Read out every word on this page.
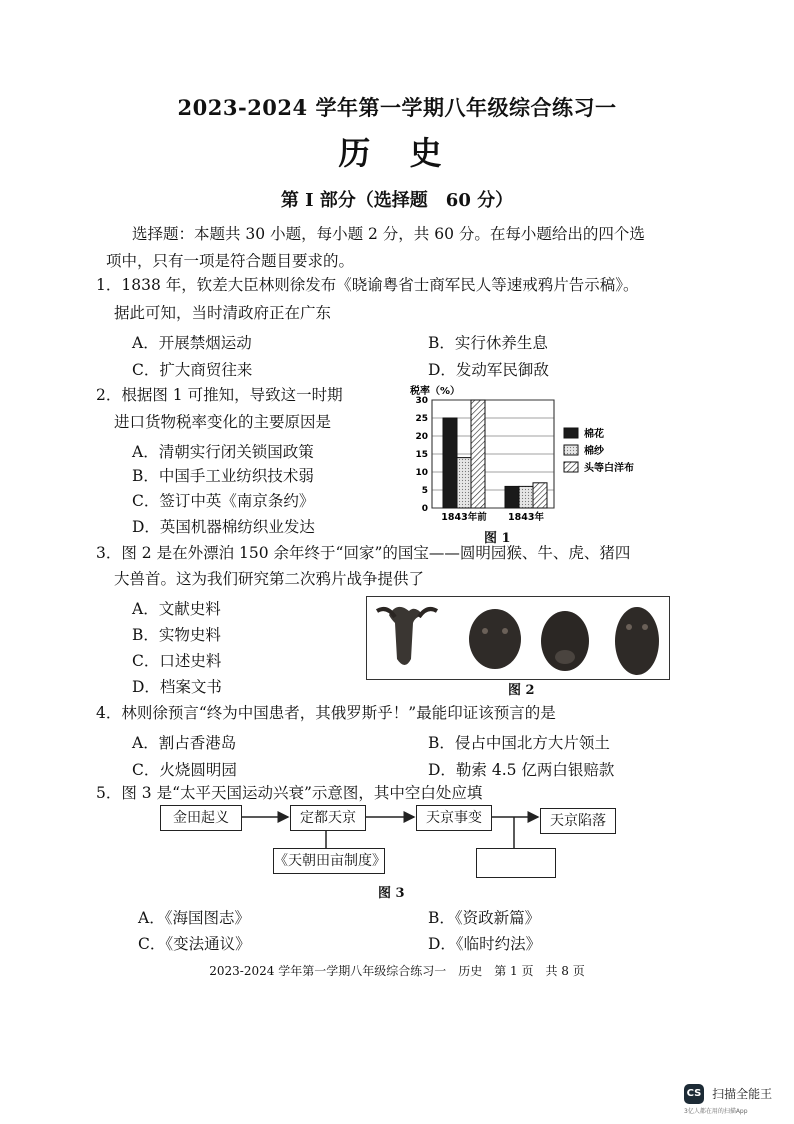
2023-2024 学年第一学期八年级综合练习一
历 史
第 I 部分（选择题　60 分）
选择题：本题共 30 小题，每小题 2 分，共 60 分。在每小题给出的四个选
项中，只有一项是符合题目要求的。
1．1838 年，钦差大臣林则徐发布《晓谕粤省士商军民人等速戒鸦片告示稿》。
据此可知，当时清政府正在广东
A．开展禁烟运动	B．实行休养生息
C．扩大商贸往来	D．发动军民御敌
2．根据图 1 可推知，导致这一时期
进口货物税率变化的主要原因是
A．清朝实行闭关锁国政策
B．中国手工业纺织技术弱
C．签订中英《南京条约》
D．英国机器棉纺织业发达
0
5
10
15
20
25
30
税率（%）
1843年前 1843年
棉花
棉纱
头等白洋布
图 1
3．图 2 是在外漂泊 150 余年终于“回家”的国宝——圆明园猴、牛、虎、猪四
大兽首。这为我们研究第二次鸦片战争提供了
A．文献史料
B．实物史料
C．口述史料
D．档案文书	图 2
4．林则徐预言“终为中国患者，其俄罗斯乎！”最能印证该预言的是
A．割占香港岛	B．侵占中国北方大片领土
C．火烧圆明园	D．勒索 4.5 亿两白银赔款
5．图 3 是“太平天国运动兴衰”示意图，其中空白处应填
金田起义	定都天京	天京事变	天京陷落
《天朝田亩制度》
图 3
A．《海国图志》	B．《资政新篇》
C．《变法通议》	D．《临时约法》
2023-2024 学年第一学期八年级综合练习一　历史　第 1 页　共 8 页
CS 扫描全能王
3亿人都在用的扫描App
